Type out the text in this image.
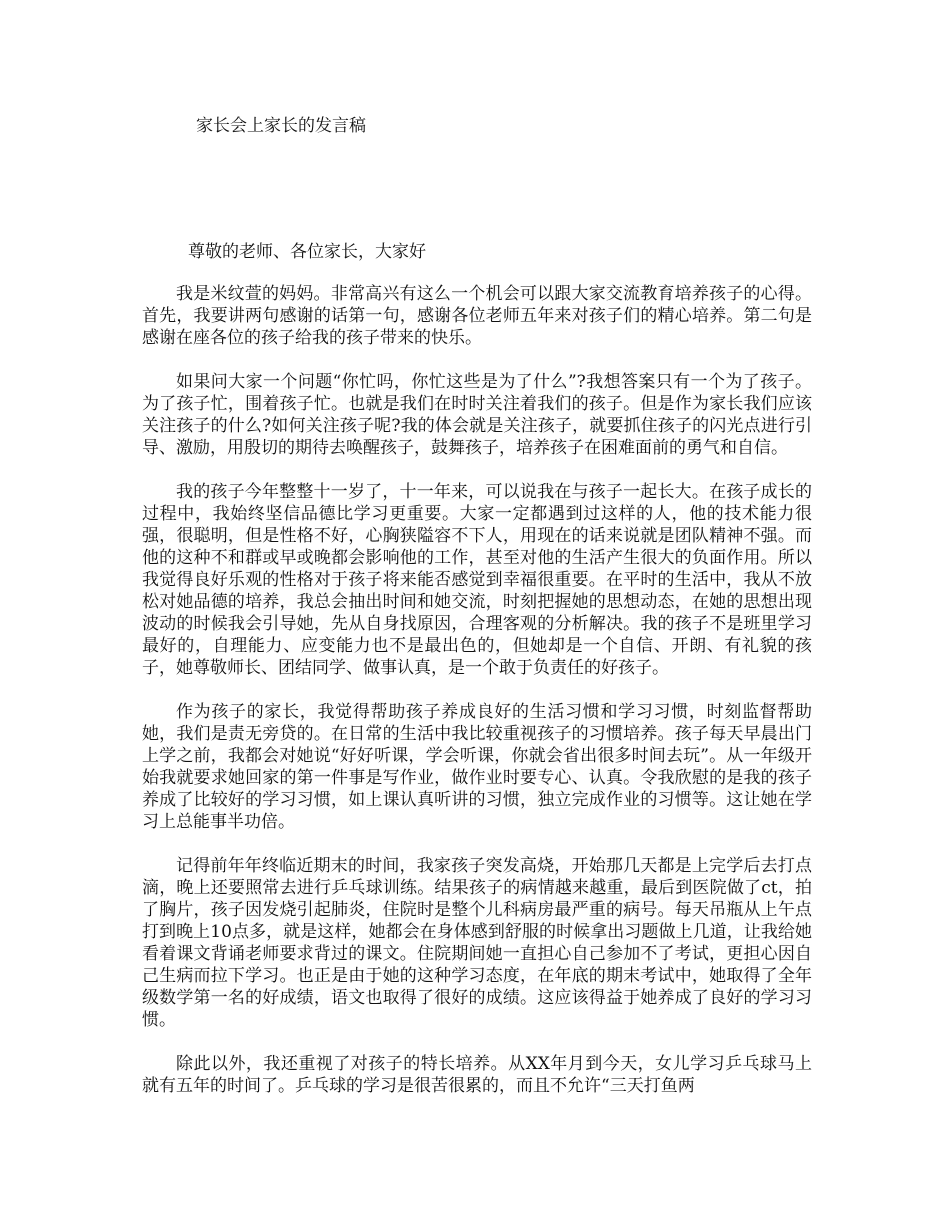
家长会上家长的发言稿
尊敬的老师、各位家长，大家好

我是米纹萱的妈妈。非常高兴有这么一个机会可以跟大家交流教育培养孩子的心得。首先，我要讲两句感谢的话第一句，感谢各位老师五年来对孩子们的精心培养。第二句是感谢在座各位的孩子给我的孩子带来的快乐。

如果问大家一个问题“你忙吗，你忙这些是为了什么”?我想答案只有一个为了孩子。为了孩子忙，围着孩子忙。也就是我们在时时关注着我们的孩子。但是作为家长我们应该关注孩子的什么?如何关注孩子呢?我的体会就是关注孩子，就要抓住孩子的闪光点进行引导、激励，用殷切的期待去唤醒孩子，鼓舞孩子，培养孩子在困难面前的勇气和自信。

我的孩子今年整整十一岁了，十一年来，可以说我在与孩子一起长大。在孩子成长的过程中，我始终坚信品德比学习更重要。大家一定都遇到过这样的人，他的技术能力很强，很聪明，但是性格不好，心胸狭隘容不下人，用现在的话来说就是团队精神不强。而他的这种不和群或早或晚都会影响他的工作，甚至对他的生活产生很大的负面作用。所以我觉得良好乐观的性格对于孩子将来能否感觉到幸福很重要。在平时的生活中，我从不放松对她品德的培养，我总会抽出时间和她交流，时刻把握她的思想动态，在她的思想出现波动的时候我会引导她，先从自身找原因，合理客观的分析解决。我的孩子不是班里学习最好的，自理能力、应变能力也不是最出色的，但她却是一个自信、开朗、有礼貌的孩子，她尊敬师长、团结同学、做事认真，是一个敢于负责任的好孩子。

作为孩子的家长，我觉得帮助孩子养成良好的生活习惯和学习习惯，时刻监督帮助她，我们是责无旁贷的。在日常的生活中我比较重视孩子的习惯培养。孩子每天早晨出门上学之前，我都会对她说“好好听课，学会听课，你就会省出很多时间去玩”。从一年级开始我就要求她回家的第一件事是写作业，做作业时要专心、认真。令我欣慰的是我的孩子养成了比较好的学习习惯，如上课认真听讲的习惯，独立完成作业的习惯等。这让她在学习上总能事半功倍。

记得前年年终临近期末的时间，我家孩子突发高烧，开始那几天都是上完学后去打点滴，晚上还要照常去进行乒乓球训练。结果孩子的病情越来越重，最后到医院做了ct，拍了胸片，孩子因发烧引起肺炎，住院时是整个儿科病房最严重的病号。每天吊瓶从上午点打到晚上10点多，就是这样，她都会在身体感到舒服的时候拿出习题做上几道，让我给她看着课文背诵老师要求背过的课文。住院期间她一直担心自己参加不了考试，更担心因自己生病而拉下学习。也正是由于她的这种学习态度，在年底的期末考试中，她取得了全年级数学第一名的好成绩，语文也取得了很好的成绩。这应该得益于她养成了良好的学习习惯。

除此以外，我还重视了对孩子的特长培养。从XX年月到今天，女儿学习乒乓球马上就有五年的时间了。乒乓球的学习是很苦很累的，而且不允许“三天打鱼两
